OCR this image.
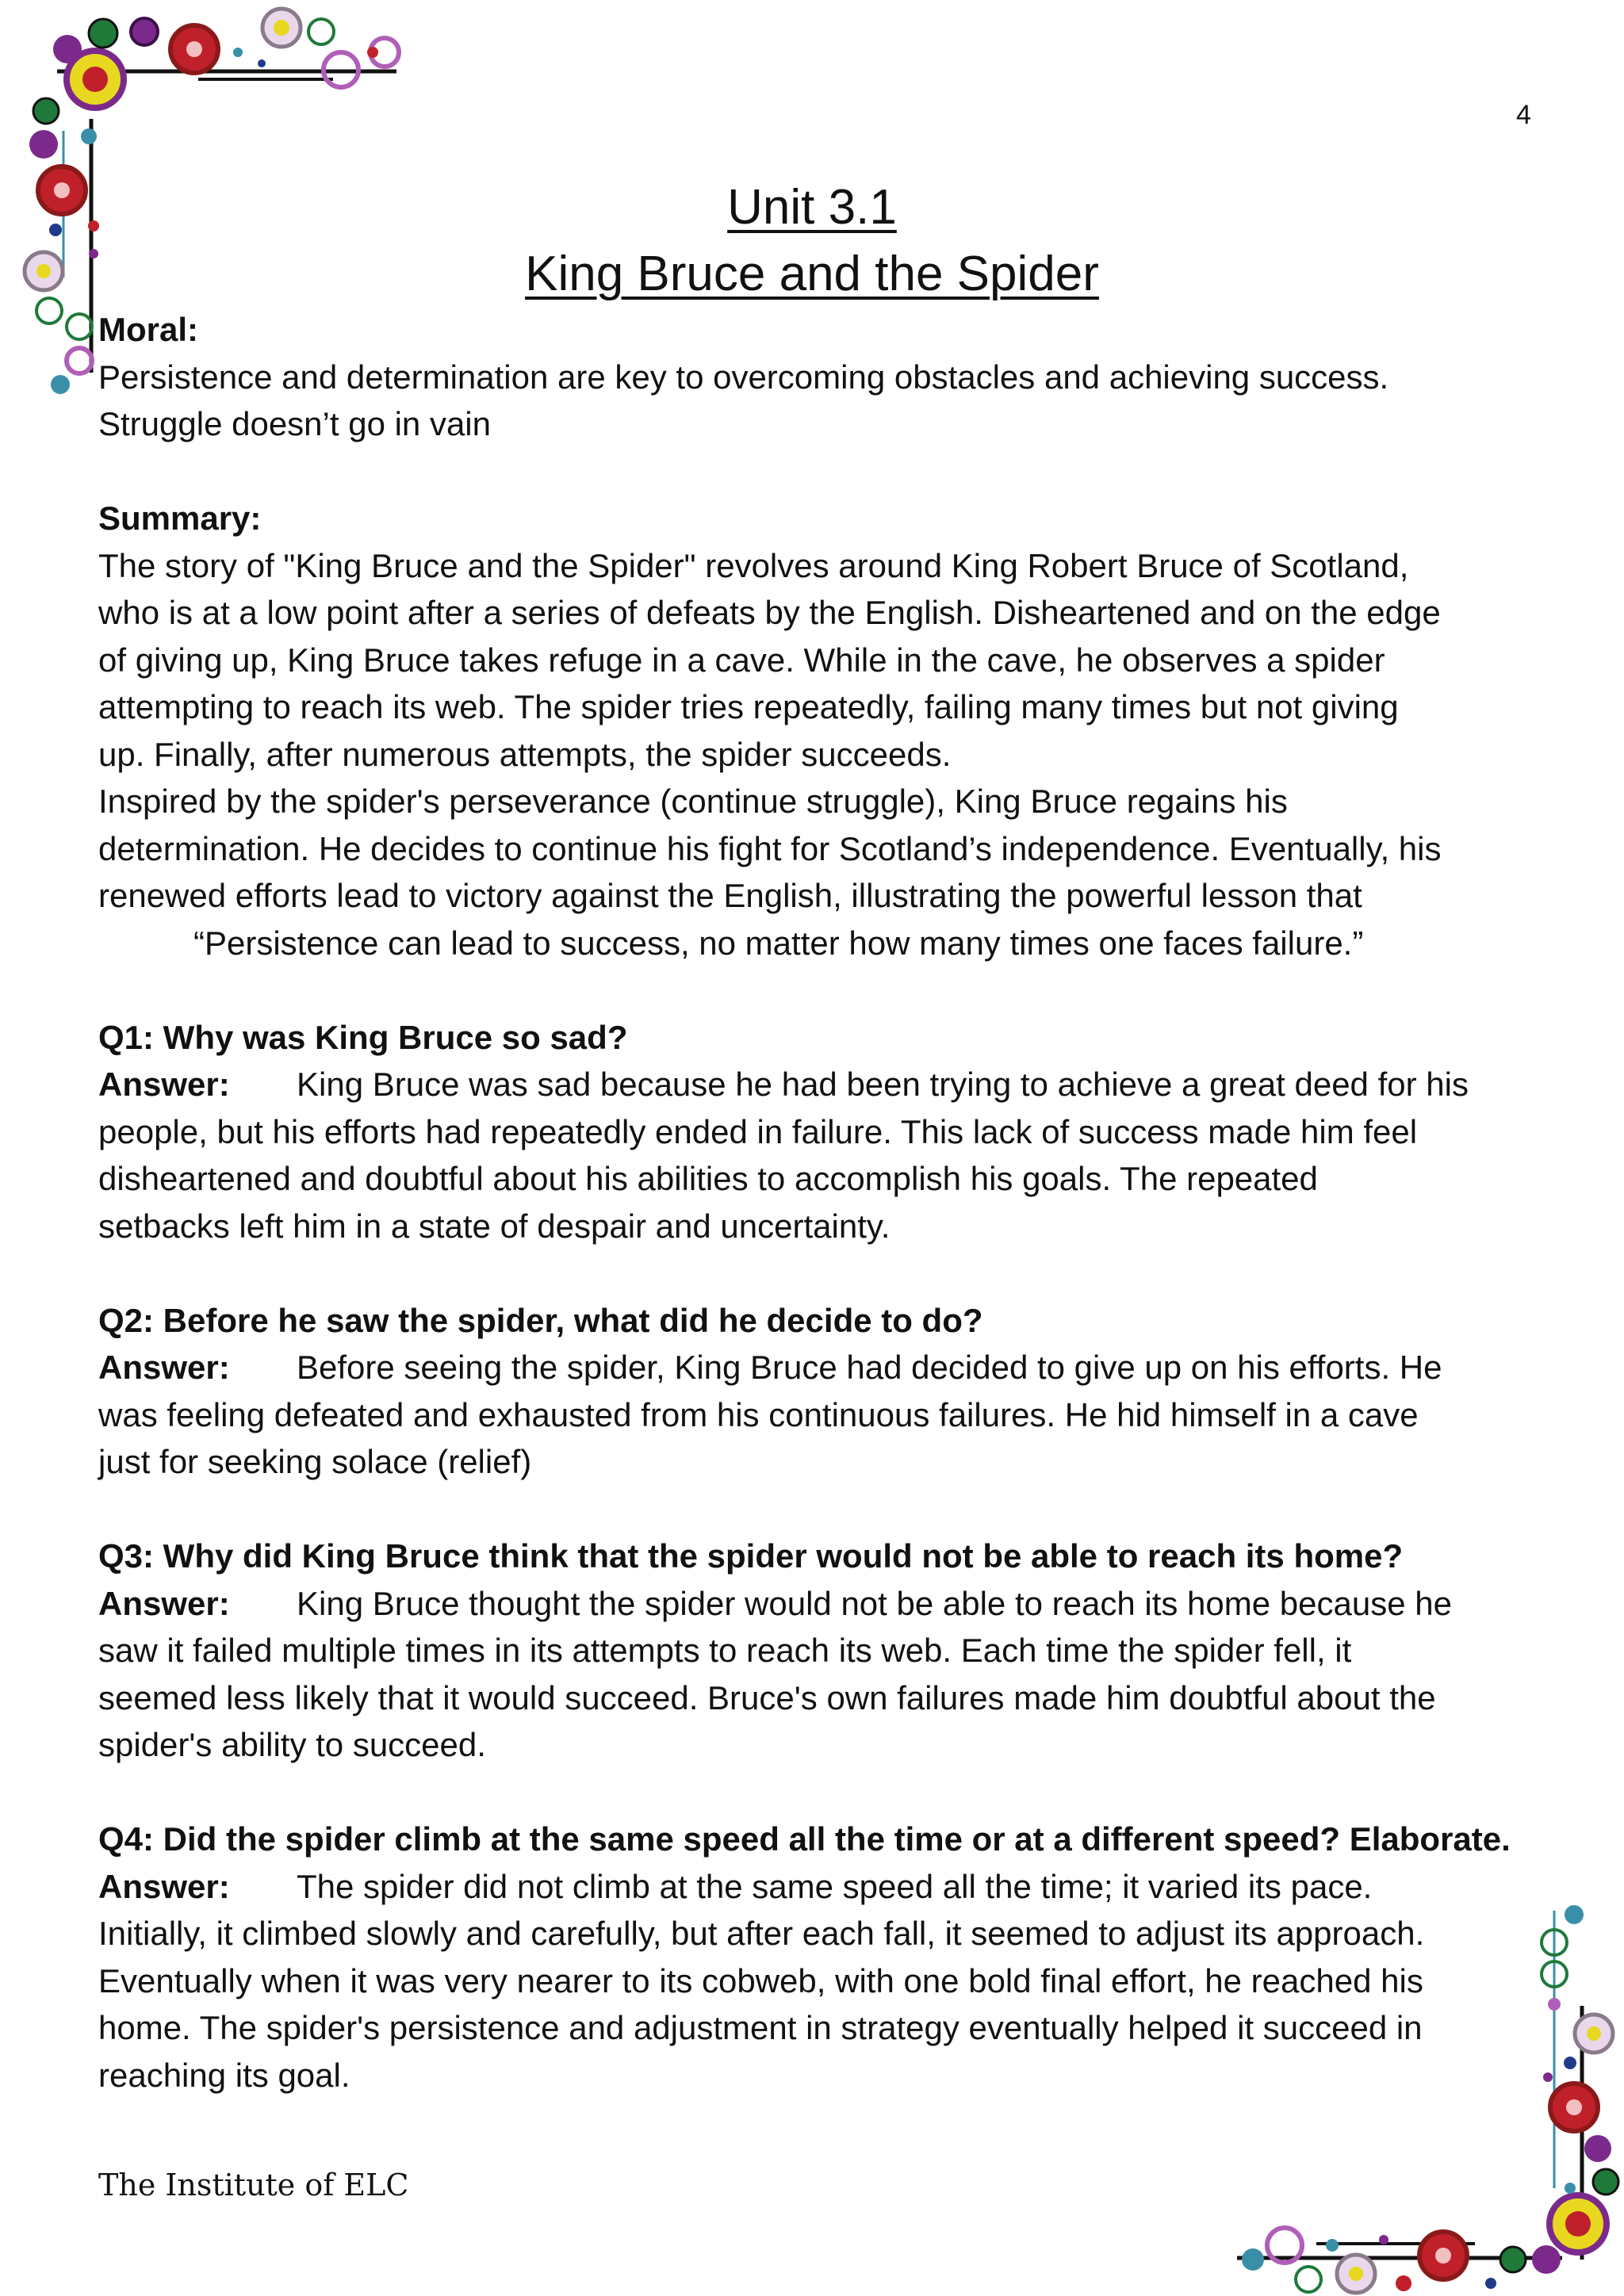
4
Unit 3.1
King Bruce and the Spider

Moral:

Persistence and determination are key to overcoming obstacles and achieving success.

Struggle doesn’t go in vain

Summary:

The story of "King Bruce and the Spider" revolves around King Robert Bruce of Scotland,

who is at a low point after a series of defeats by the English. Disheartened and on the edge

of giving up, King Bruce takes refuge in a cave. While in the cave, he observes a spider

attempting to reach its web. The spider tries repeatedly, failing many times but not giving

up. Finally, after numerous attempts, the spider succeeds.

Inspired by the spider's perseverance (continue struggle), King Bruce regains his

determination. He decides to continue his fight for Scotland’s independence. Eventually, his

renewed efforts lead to victory against the English, illustrating the powerful lesson that

“Persistence can lead to success, no matter how many times one faces failure.”

Q1: Why was King Bruce so sad?

Answer: King Bruce was sad because he had been trying to achieve a great deed for his

people, but his efforts had repeatedly ended in failure. This lack of success made him feel

disheartened and doubtful about his abilities to accomplish his goals. The repeated

setbacks left him in a state of despair and uncertainty.

Q2: Before he saw the spider, what did he decide to do?

Answer: Before seeing the spider, King Bruce had decided to give up on his efforts. He

was feeling defeated and exhausted from his continuous failures. He hid himself in a cave

just for seeking solace (relief)

Q3: Why did King Bruce think that the spider would not be able to reach its home?

Answer: King Bruce thought the spider would not be able to reach its home because he

saw it failed multiple times in its attempts to reach its web. Each time the spider fell, it

seemed less likely that it would succeed. Bruce's own failures made him doubtful about the

spider's ability to succeed.

Q4: Did the spider climb at the same speed all the time or at a different speed? Elaborate.

Answer: The spider did not climb at the same speed all the time; it varied its pace.

Initially, it climbed slowly and carefully, but after each fall, it seemed to adjust its approach.

Eventually when it was very nearer to its cobweb, with one bold final effort, he reached his

home. The spider's persistence and adjustment in strategy eventually helped it succeed in

reaching its goal.

The Institute of ELC
